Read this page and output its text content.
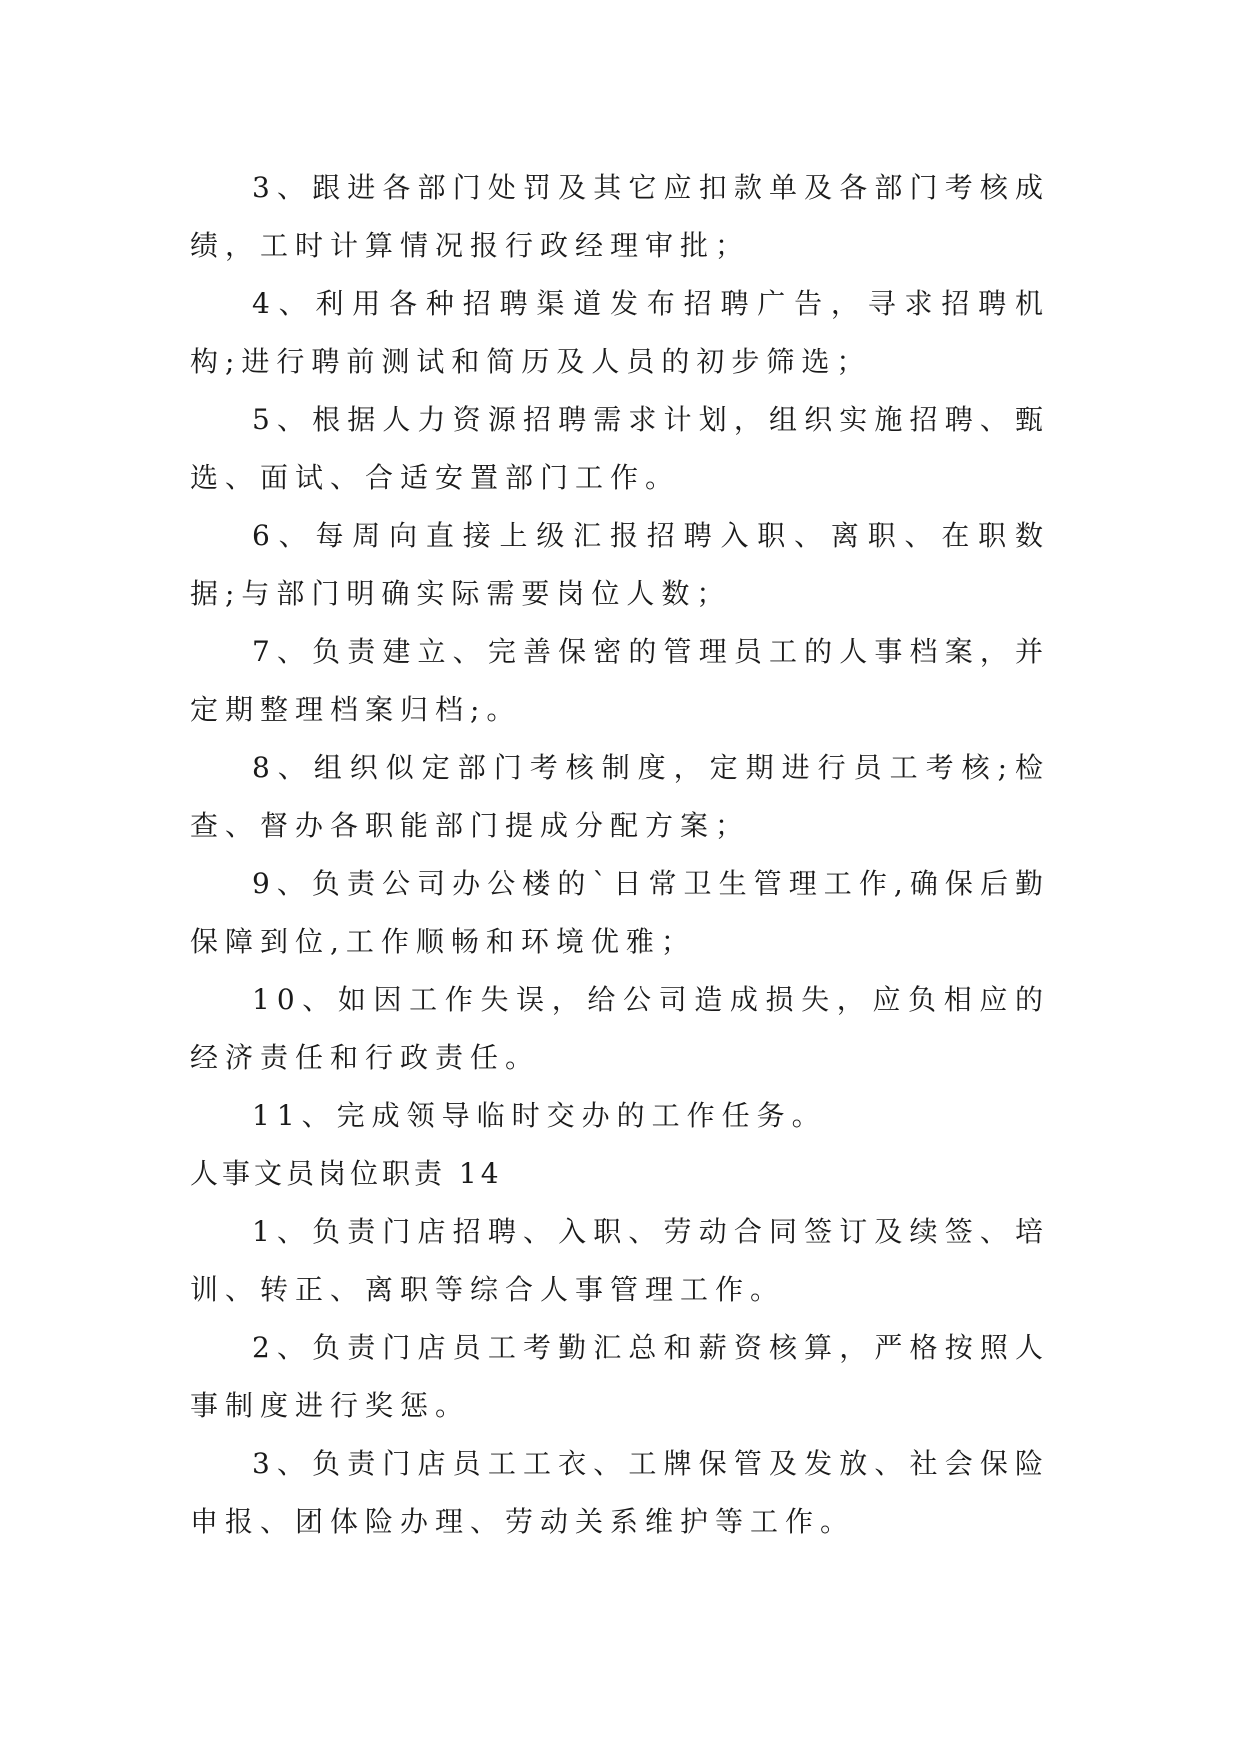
3、跟进各部门处罚及其它应扣款单及各部门考核成绩，工时计算情况报行政经理审批；

4、利用各种招聘渠道发布招聘广告，寻求招聘机构;进行聘前测试和简历及人员的初步筛选；

5、根据人力资源招聘需求计划，组织实施招聘、甄选、面试、合适安置部门工作。

6、每周向直接上级汇报招聘入职、离职、在职数据;与部门明确实际需要岗位人数；

7、负责建立、完善保密的管理员工的人事档案，并定期整理档案归档;。

8、组织似定部门考核制度，定期进行员工考核;检查、督办各职能部门提成分配方案；

9、负责公司办公楼的`日常卫生管理工作,确保后勤保障到位,工作顺畅和环境优雅；

10、如因工作失误，给公司造成损失，应负相应的经济责任和行政责任。

11、完成领导临时交办的工作任务。

人事文员岗位职责 14

1、负责门店招聘、入职、劳动合同签订及续签、培训、转正、离职等综合人事管理工作。

2、负责门店员工考勤汇总和薪资核算，严格按照人事制度进行奖惩。

3、负责门店员工工衣、工牌保管及发放、社会保险申报、团体险办理、劳动关系维护等工作。
